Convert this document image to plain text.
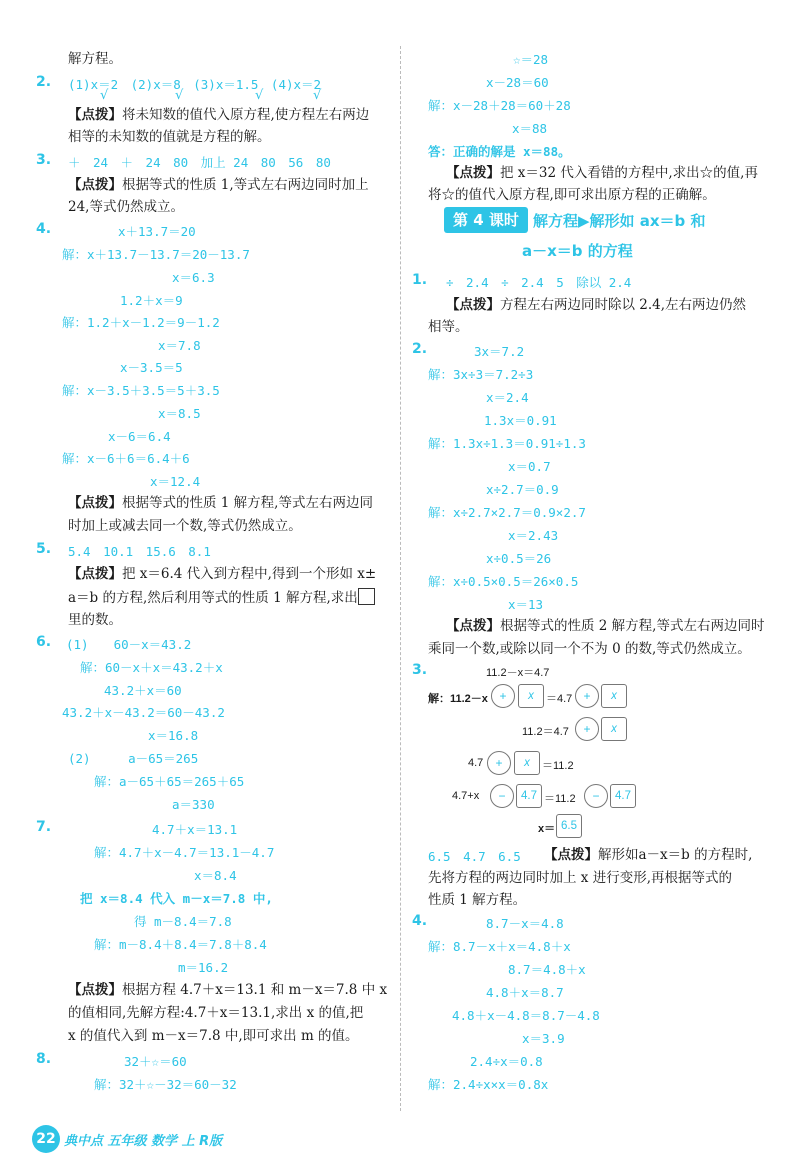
解方程。
2. (1)x＝2　(2)x＝8　(3)x＝1.5　(4)x＝2
√	√	√	√
【点拨】将未知数的值代入原方程,使方程左右两边
相等的未知数的值就是方程的解。
3. ＋　24　＋　24　80　加上 24　80　56　80
【点拨】根据等式的性质 1,等式左右两边同时加上
24,等式仍然成立。
4.	x＋13.7＝20
解：x＋13.7－13.7＝20－13.7
x＝6.3
1.2＋x＝9
解：1.2＋x－1.2＝9－1.2
x＝7.8
x－3.5＝5
解：x－3.5＋3.5＝5＋3.5
x＝8.5
x－6＝6.4
解：x－6＋6＝6.4＋6
x＝12.4
【点拨】根据等式的性质 1 解方程,等式左右两边同
时加上或减去同一个数,等式仍然成立。
5. 5.4　10.1　15.6　8.1
【点拨】把 x＝6.4 代入到方程中,得到一个形如 x±
a＝b 的方程,然后利用等式的性质 1 解方程,求出
里的数。
6. (1)　　60－x＝43.2
解：60－x＋x＝43.2＋x
43.2＋x＝60
43.2＋x－43.2＝60－43.2
x＝16.8
(2)　　　a－65＝265
解：a－65＋65＝265＋65
a＝330
7.	4.7＋x＝13.1
解：4.7＋x－4.7＝13.1－4.7
x＝8.4
把 x＝8.4 代入 m－x＝7.8 中,
得 m－8.4＝7.8
解：m－8.4＋8.4＝7.8＋8.4
m＝16.2
【点拨】根据方程 4.7＋x＝13.1 和 m－x＝7.8 中 x
的值相同,先解方程:4.7＋x＝13.1,求出 x 的值,把
x 的值代入到 m－x＝7.8 中,即可求出 m 的值。
8.	32＋☆＝60
解：32＋☆－32＝60－32
☆＝28
x－28＝60
解：x－28＋28＝60＋28
x＝88
答：正确的解是 x＝88。
【点拨】把 x＝32 代入看错的方程中,求出☆的值,再
将☆的值代入原方程,即可求出原方程的正确解。
第 4 课时 解方程▶解形如 ax＝b 和
a－x＝b 的方程
1. ÷　2.4　÷　2.4　5　除以 2.4
【点拨】方程左右两边同时除以 2.4,左右两边仍然
相等。
2.	3x＝7.2
解：3x÷3＝7.2÷3
x＝2.4
1.3x＝0.91
解：1.3x÷1.3＝0.91÷1.3
x＝0.7
x÷2.7＝0.9
解：x÷2.7×2.7＝0.9×2.7
x＝2.43
x÷0.5＝26
解：x÷0.5×0.5＝26×0.5
x＝13
【点拨】根据等式的性质 2 解方程,等式左右两边同时
乘同一个数,或除以同一个不为 0 的数,等式仍然成立。
3.	11.2－x＝4.7
解：11.2－x +	x	＝4.7 +	x
11.2＝4.7	+	x
4.7	+	x	＝11.2
4.7+x	−	4.7 ＝11.2	−	4.7
x＝ 6.5
6.5　4.7　6.5 【点拨】解形如a－x＝b 的方程时,
先将方程的两边同时加上 x 进行变形,再根据等式的
性质 1 解方程。
4.	8.7－x＝4.8
解：8.7－x＋x＝4.8＋x
8.7＝4.8＋x
4.8＋x＝8.7
4.8＋x－4.8＝8.7－4.8
x＝3.9
2.4÷x＝0.8
解：2.4÷x×x＝0.8x
22 典中点 五年级 数学 上 R版
